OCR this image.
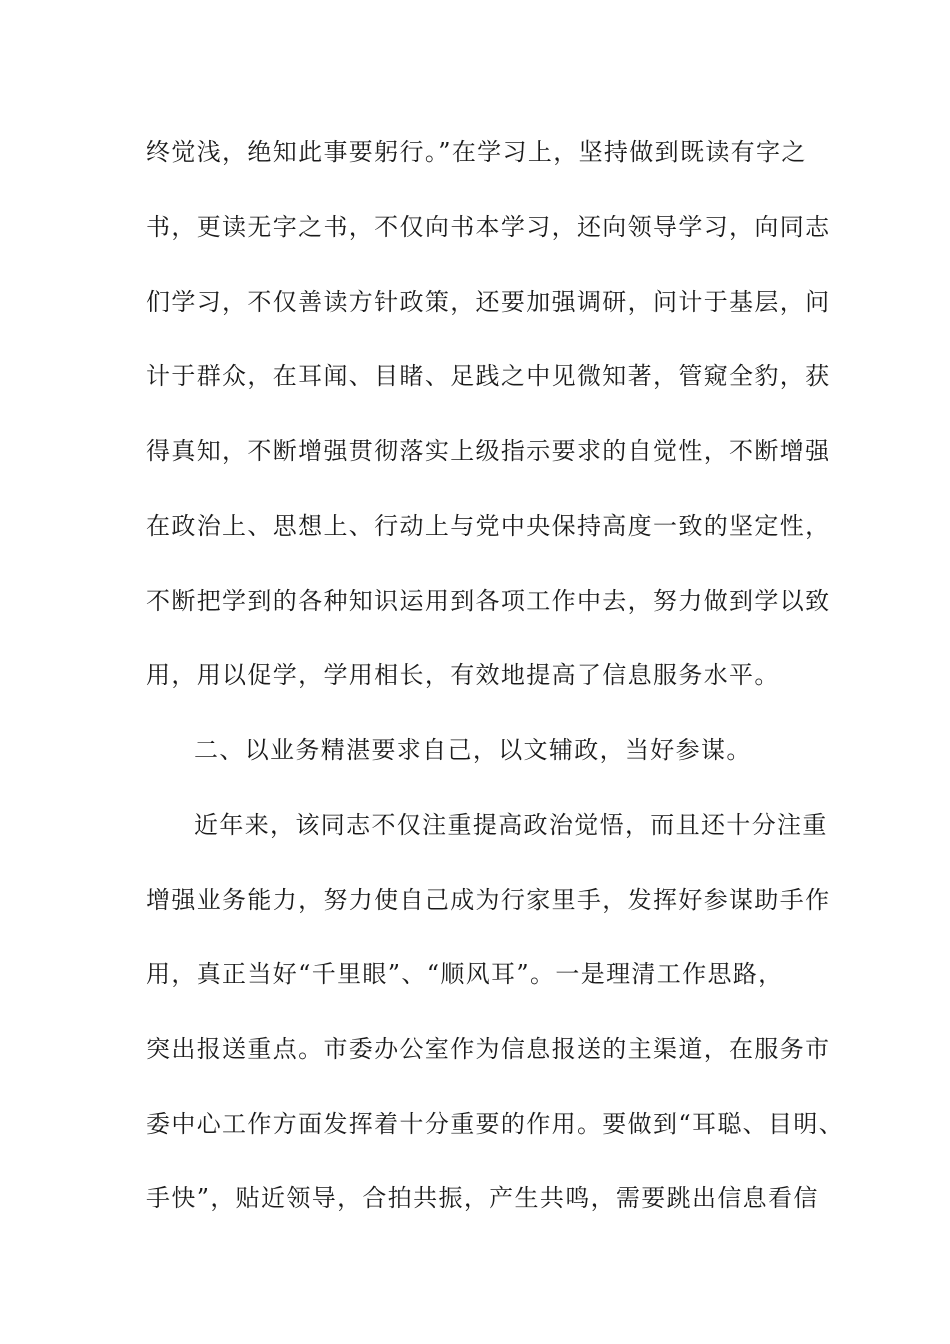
终觉浅，绝知此事要躬行。”在学习上，坚持做到既读有字之
书，更读无字之书，不仅向书本学习，还向领导学习，向同志
们学习，不仅善读方针政策，还要加强调研，问计于基层，问
计于群众，在耳闻、目睹、足践之中见微知著，管窥全豹，获
得真知，不断增强贯彻落实上级指示要求的自觉性，不断增强
在政治上、思想上、行动上与党中央保持高度一致的坚定性，
不断把学到的各种知识运用到各项工作中去，努力做到学以致
用，用以促学，学用相长，有效地提高了信息服务水平。
二、以业务精湛要求自己，以文辅政，当好参谋。
近年来，该同志不仅注重提高政治觉悟，而且还十分注重
增强业务能力，努力使自己成为行家里手，发挥好参谋助手作
用，真正当好“千里眼”、“顺风耳”。一是理清工作思路，
突出报送重点。市委办公室作为信息报送的主渠道，在服务市
委中心工作方面发挥着十分重要的作用。要做到“耳聪、目明、
手快”，贴近领导，合拍共振，产生共鸣，需要跳出信息看信
